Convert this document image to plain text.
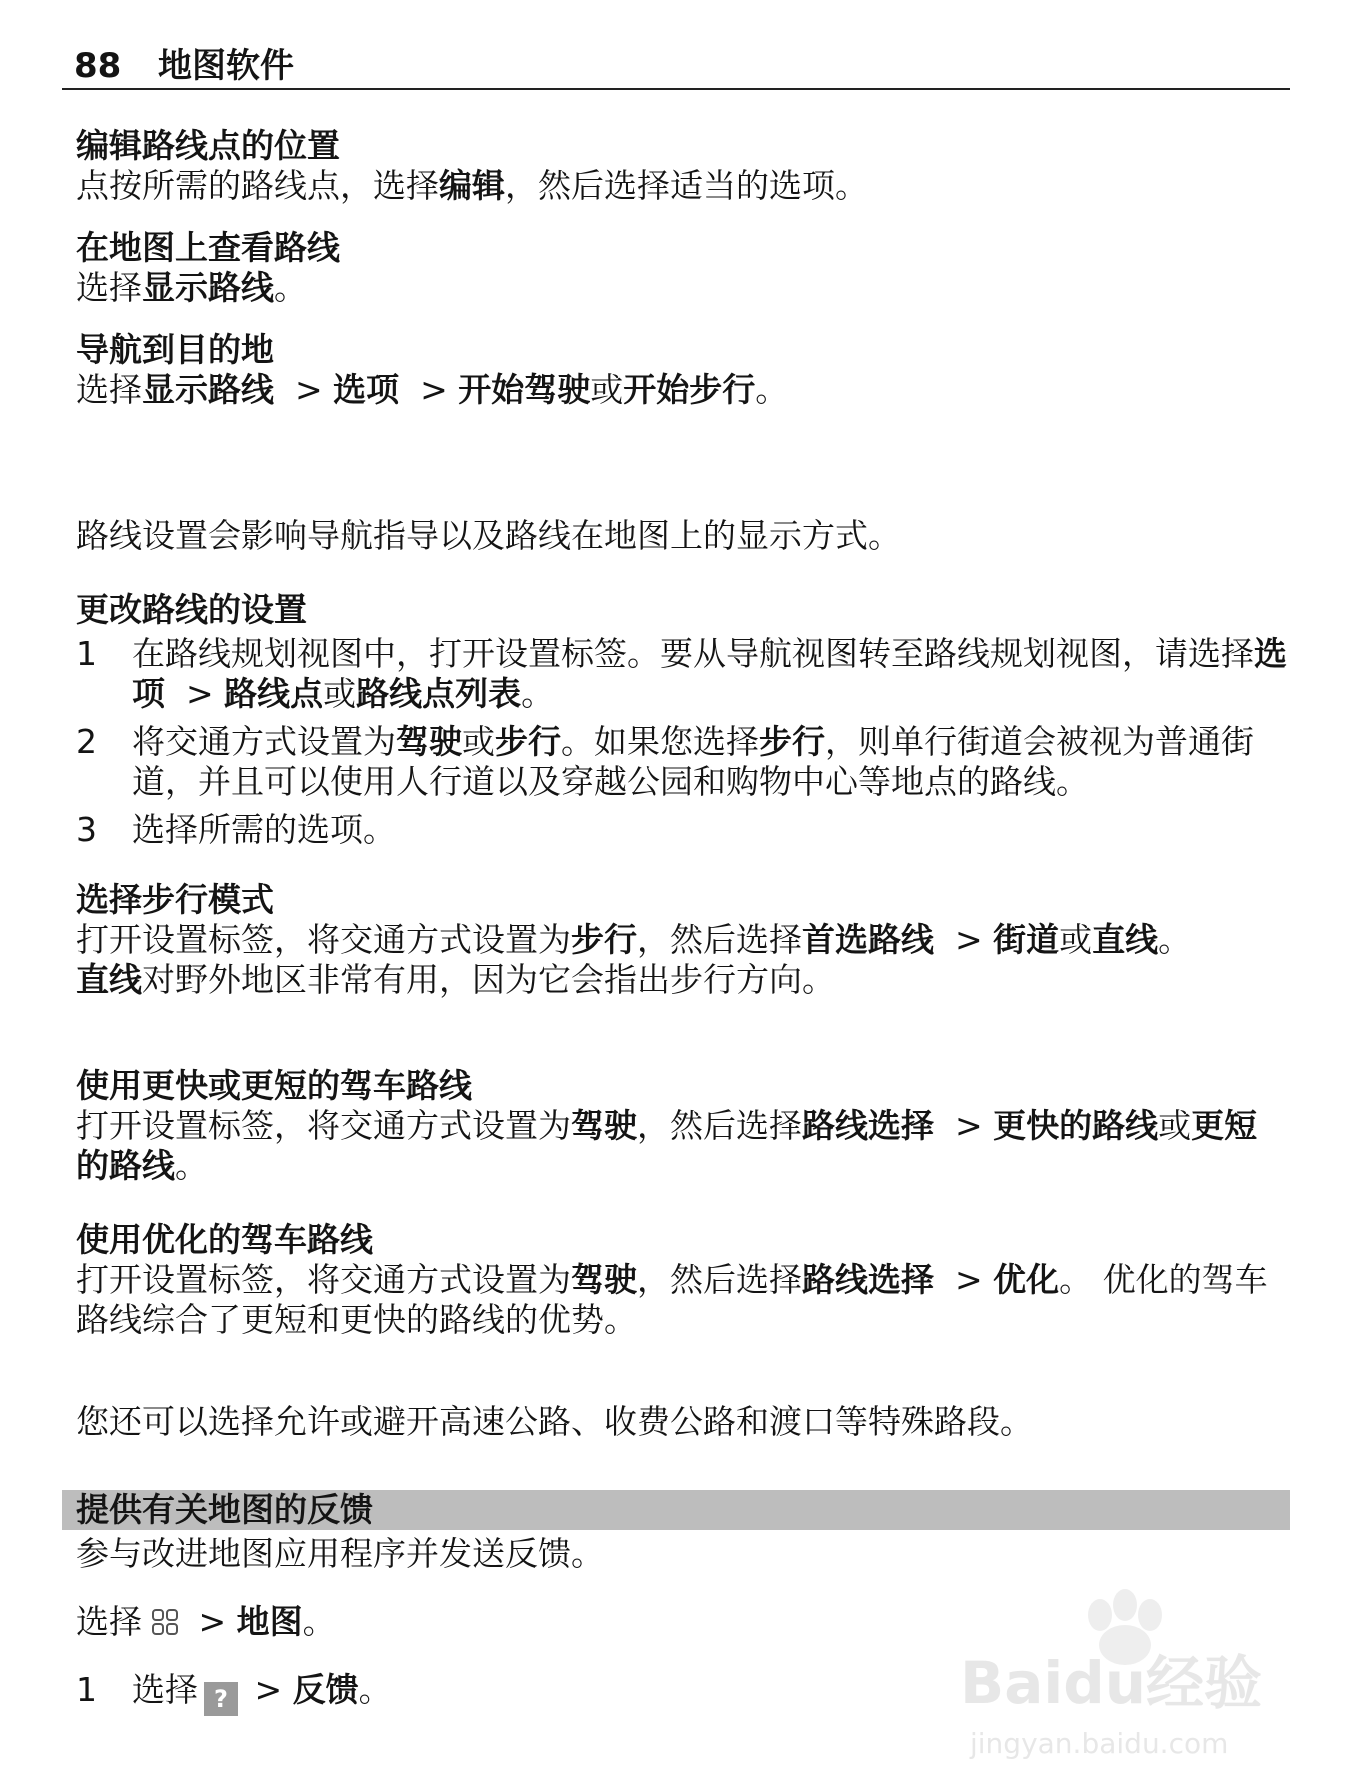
88 地图软件
编辑路线点的位置
点按所需的路线点，选择编辑，然后选择适当的选项。
在地图上查看路线
选择显示路线。
导航到目的地
选择显示路线  > 选项  > 开始驾驶或开始步行。
路线设置会影响导航指导以及路线在地图上的显示方式。
更改路线的设置
1 在路线规划视图中，打开设置标签。要从导航视图转至路线规划视图，请选择选项  > 路线点或路线点列表。
2 将交通方式设置为驾驶或步行。如果您选择步行，则单行街道会被视为普通街道，并且可以使用人行道以及穿越公园和购物中心等地点的路线。
3 选择所需的选项。
选择步行模式
打开设置标签，将交通方式设置为步行，然后选择首选路线  > 街道或直线。
直线对野外地区非常有用，因为它会指出步行方向。
使用更快或更短的驾车路线
打开设置标签，将交通方式设置为驾驶，然后选择路线选择  > 更快的路线或更短的路线。
使用优化的驾车路线
打开设置标签，将交通方式设置为驾驶，然后选择路线选择  > 优化。 优化的驾车路线综合了更短和更快的路线的优势。
您还可以选择允许或避开高速公路、收费公路和渡口等特殊路段。
提供有关地图的反馈
参与改进地图应用程序并发送反馈。
选择 > 地图。
1 选择 ? > 反馈。	Baidu经验
jingyan.baidu.com
